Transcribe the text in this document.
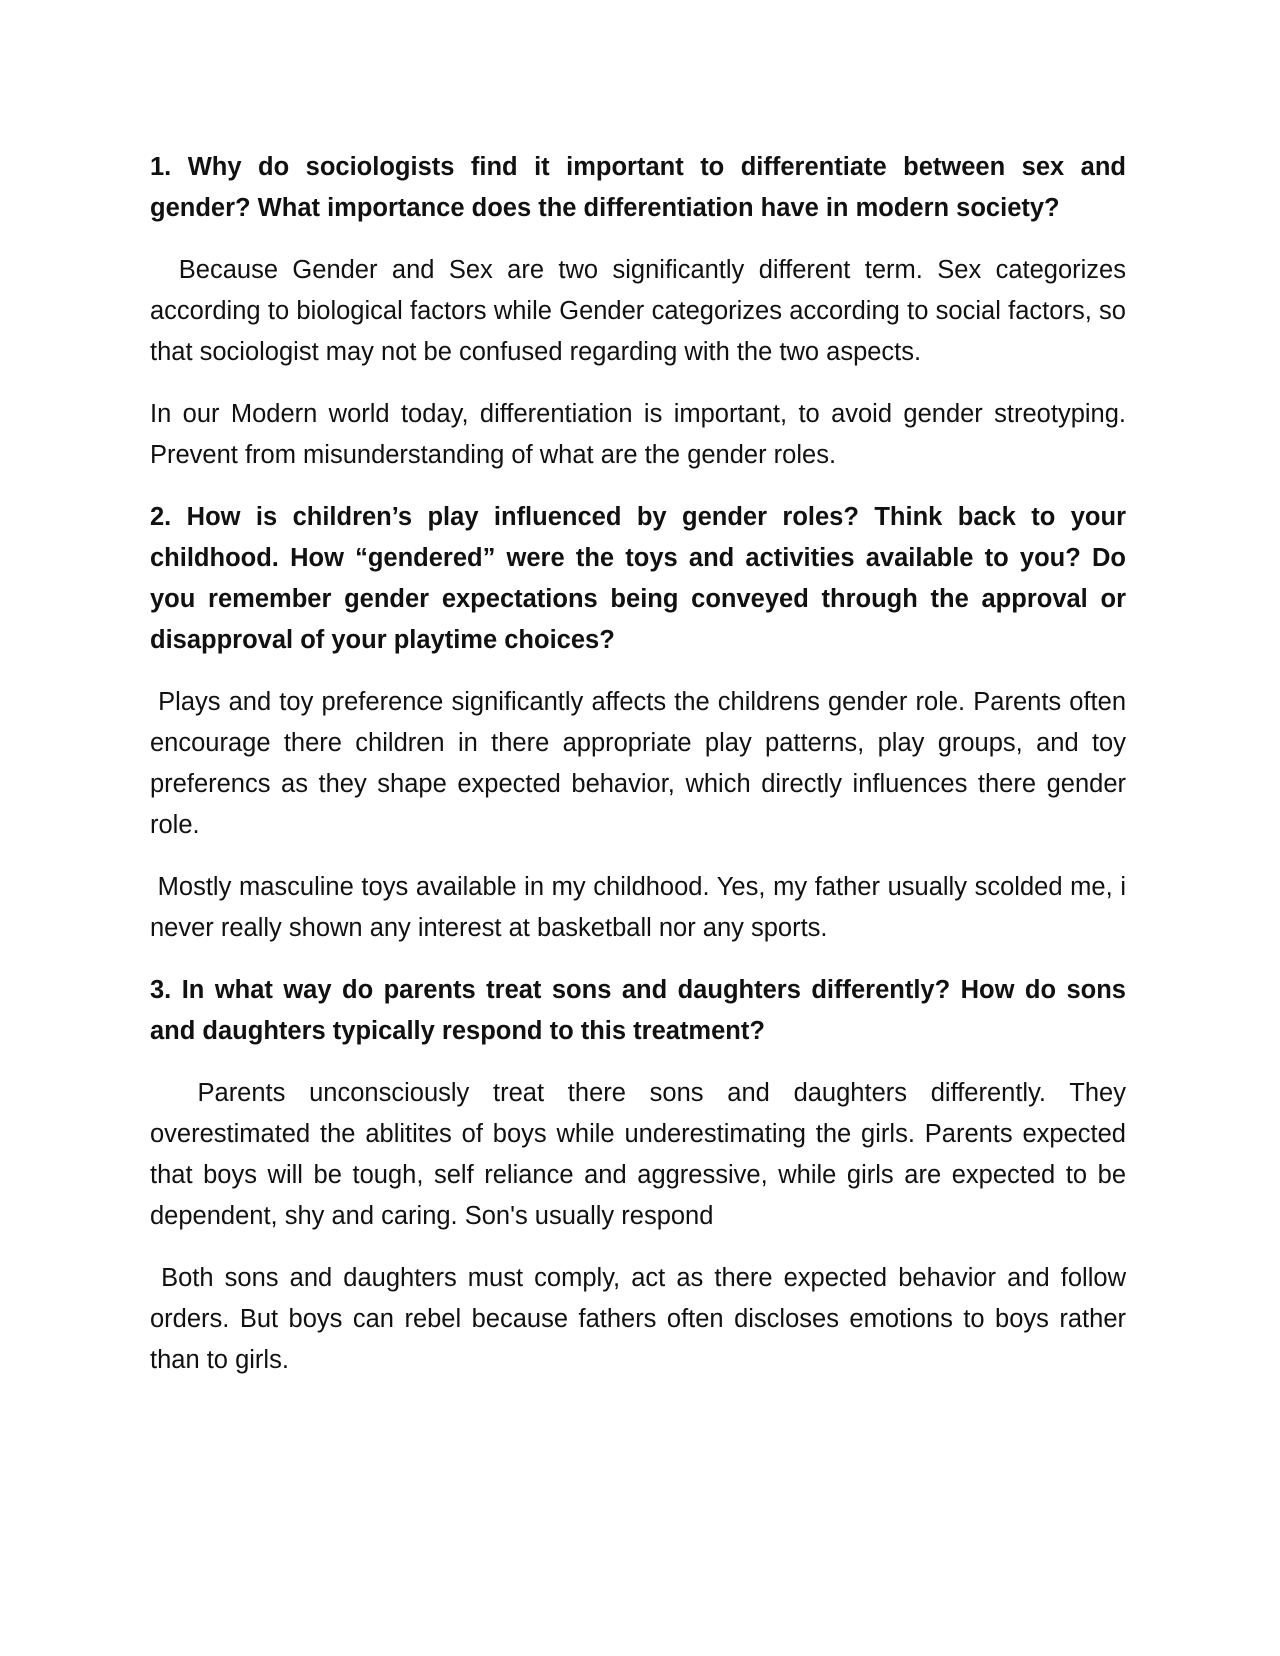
1. Why do sociologists find it important to differentiate between sex and gender? What importance does the differentiation have in modern society?

Because Gender and Sex are two significantly different term. Sex categorizes according to biological factors while Gender categorizes according to social factors, so that sociologist may not be confused regarding with the two aspects.

In our Modern world today, differentiation is important, to avoid gender streotyping. Prevent from misunderstanding of what are the gender roles.

2. How is children’s play influenced by gender roles? Think back to your childhood. How “gendered” were the toys and activities available to you? Do you remember gender expectations being conveyed through the approval or disapproval of your playtime choices?

Plays and toy preference significantly affects the childrens gender role. Parents often encourage there children in there appropriate play patterns, play groups, and toy preferencs as they shape expected behavior, which directly influences there gender role.

Mostly masculine toys available in my childhood. Yes, my father usually scolded me, i never really shown any interest at basketball nor any sports.

3. In what way do parents treat sons and daughters differently? How do sons and daughters typically respond to this treatment?

Parents unconsciously treat there sons and daughters differently. They overestimated the ablitites of boys while underestimating the girls. Parents expected that boys will be tough, self reliance and aggressive, while girls are expected to be dependent, shy and caring. Son's usually respond

Both sons and daughters must comply, act as there expected behavior and follow orders. But boys can rebel because fathers often discloses emotions to boys rather than to girls.
